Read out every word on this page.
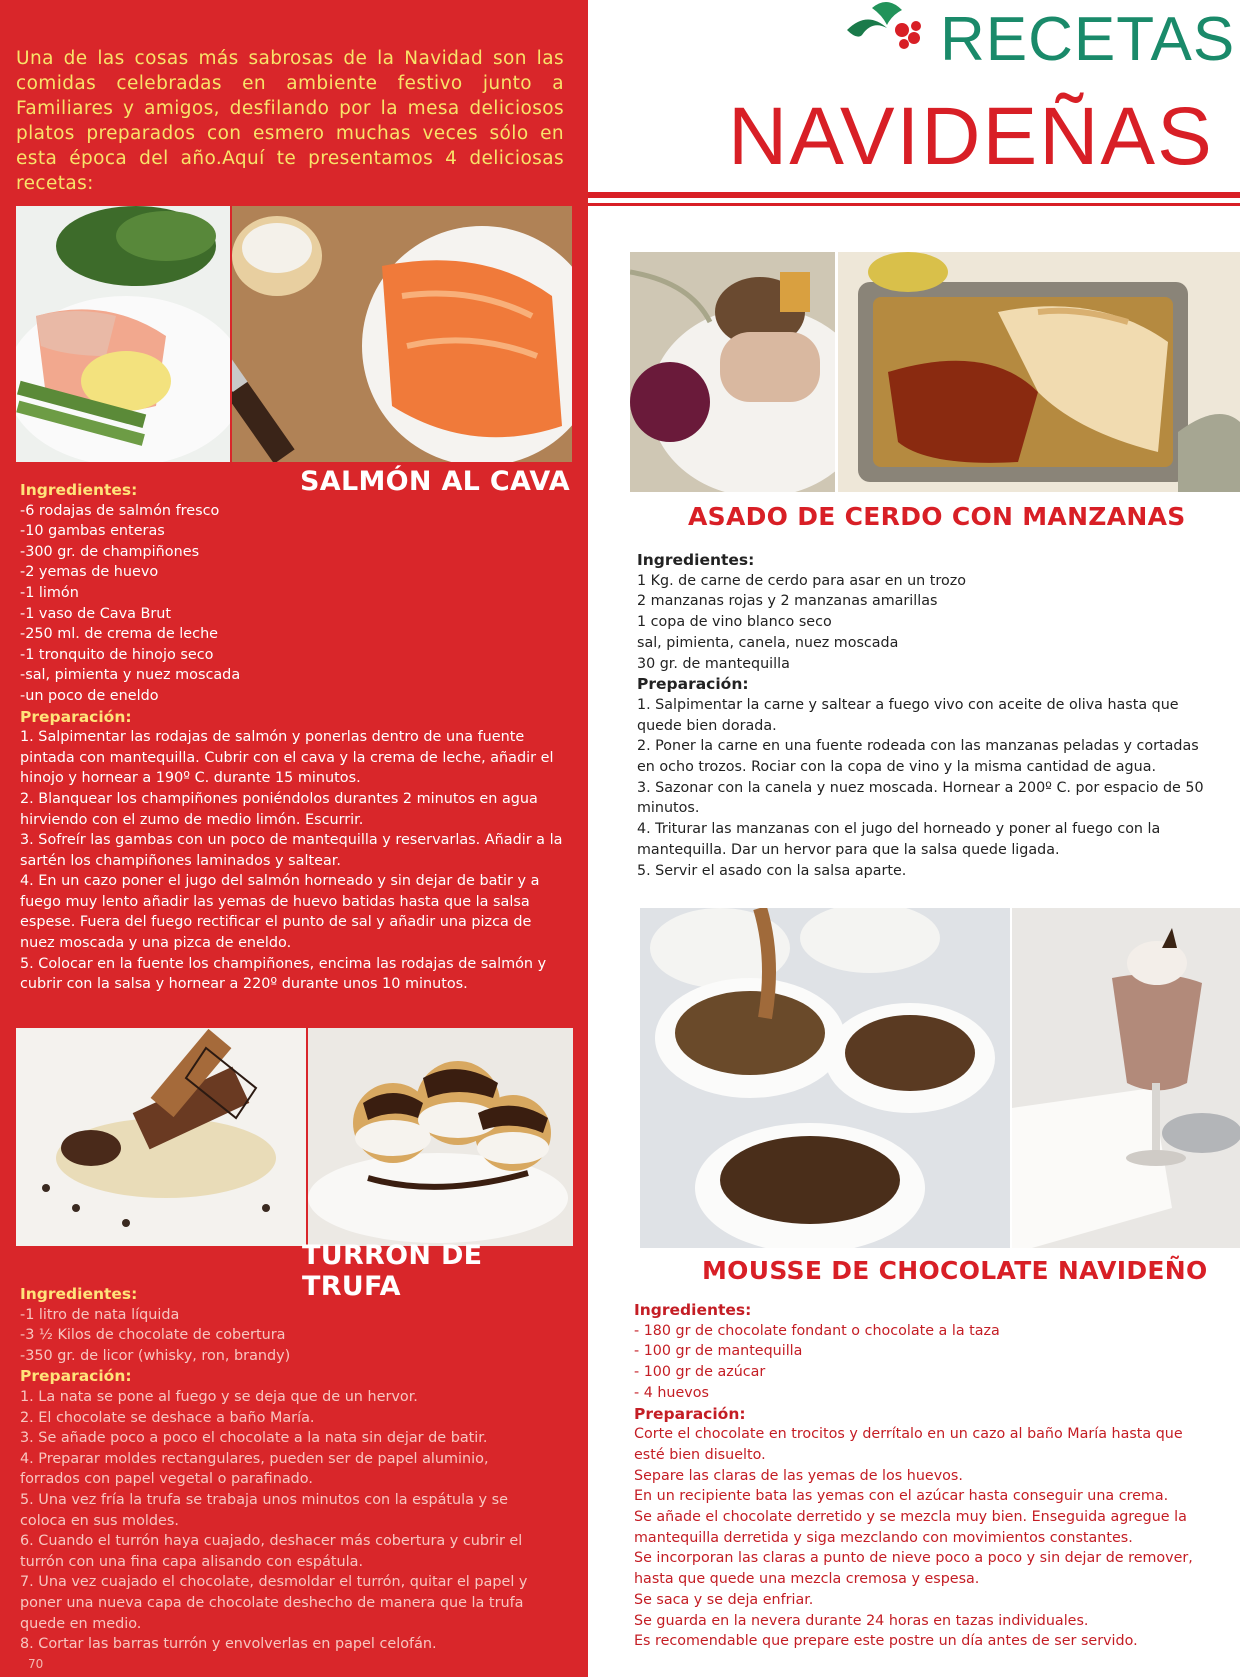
Una de las cosas más sabrosas de la Navidad son las comidas celebradas en ambiente festivo junto a Familiares y amigos, desfilando por la mesa deliciosos platos preparados con esmero muchas veces sólo en esta época del año.Aquí te presentamos 4 deliciosas recetas:

SALMÓN AL CAVA
Ingredientes:
-6 rodajas de salmón fresco
-10 gambas enteras
-300 gr. de champiñones
-2 yemas de huevo
-1 limón
-1 vaso de Cava Brut
-250 ml. de crema de leche
-1 tronquito de hinojo seco
-sal, pimienta y nuez moscada
-un poco de eneldo
Preparación:
1. Salpimentar las rodajas de salmón y ponerlas dentro de una fuente
pintada con mantequilla. Cubrir con el cava y la crema de leche, añadir el
hinojo y hornear a 190º C. durante 15 minutos.
2. Blanquear los champiñones poniéndolos durantes 2 minutos en agua
hirviendo con el zumo de medio limón. Escurrir.
3. Sofreír las gambas con un poco de mantequilla y reservarlas. Añadir a la
sartén los champiñones laminados y saltear.
4. En un cazo poner el jugo del salmón horneado y sin dejar de batir y a
fuego muy lento añadir las yemas de huevo batidas hasta que la salsa
espese. Fuera del fuego rectificar el punto de sal y añadir una pizca de
nuez moscada y una pizca de eneldo.
5. Colocar en la fuente los champiñones, encima las rodajas de salmón y
cubrir con la salsa y hornear a 220º durante unos 10 minutos.
TURRON DE TRUFA
Ingredientes:
-1 litro de nata líquida
-3 ½ Kilos de chocolate de cobertura
-350 gr. de licor (whisky, ron, brandy)
Preparación:
1. La nata se pone al fuego y se deja que de un hervor.
2. El chocolate se deshace a baño María.
3. Se añade poco a poco el chocolate a la nata sin dejar de batir.
4. Preparar moldes rectangulares, pueden ser de papel aluminio,
forrados con papel vegetal o parafinado.
5. Una vez fría la trufa se trabaja unos minutos con la espátula y se
coloca en sus moldes.
6. Cuando el turrón haya cuajado, deshacer más cobertura y cubrir el
turrón con una fina capa alisando con espátula.
7. Una vez cuajado el chocolate, desmoldar el turrón, quitar el papel y
poner una nueva capa de chocolate deshecho de manera que la trufa
quede en medio.
8. Cortar las barras turrón y envolverlas en papel celofán.
70
RECETAS
NAVIDEÑAS
ASADO DE CERDO CON MANZANAS
Ingredientes:
1 Kg. de carne de cerdo para asar en un trozo
2 manzanas rojas y 2 manzanas amarillas
1 copa de vino blanco seco
sal, pimienta, canela, nuez moscada
30 gr. de mantequilla
Preparación:
1. Salpimentar la carne y saltear a fuego vivo con aceite de oliva hasta que
quede bien dorada.
2. Poner la carne en una fuente rodeada con las manzanas peladas y cortadas
en ocho trozos. Rociar con la copa de vino y la misma cantidad de agua.
3. Sazonar con la canela y nuez moscada. Hornear a 200º C. por espacio de 50
minutos.
4. Triturar las manzanas con el jugo del horneado y poner al fuego con la
mantequilla. Dar un hervor para que la salsa quede ligada.
5. Servir el asado con la salsa aparte.
MOUSSE DE CHOCOLATE NAVIDEÑO
Ingredientes:
- 180 gr de chocolate fondant o chocolate a la taza
- 100 gr de mantequilla
- 100 gr de azúcar
- 4 huevos
Preparación:
Corte el chocolate en trocitos y derrítalo en un cazo al baño María hasta que
esté bien disuelto.
Separe las claras de las yemas de los huevos.
En un recipiente bata las yemas con el azúcar hasta conseguir una crema.
Se añade el chocolate derretido y se mezcla muy bien. Enseguida agregue la
mantequilla derretida y siga mezclando con movimientos constantes.
Se incorporan las claras a punto de nieve poco a poco y sin dejar de remover,
hasta que quede una mezcla cremosa y espesa.
Se saca y se deja enfriar.
Se guarda en la nevera durante 24 horas en tazas individuales.
Es recomendable que prepare este postre un día antes de ser servido.
